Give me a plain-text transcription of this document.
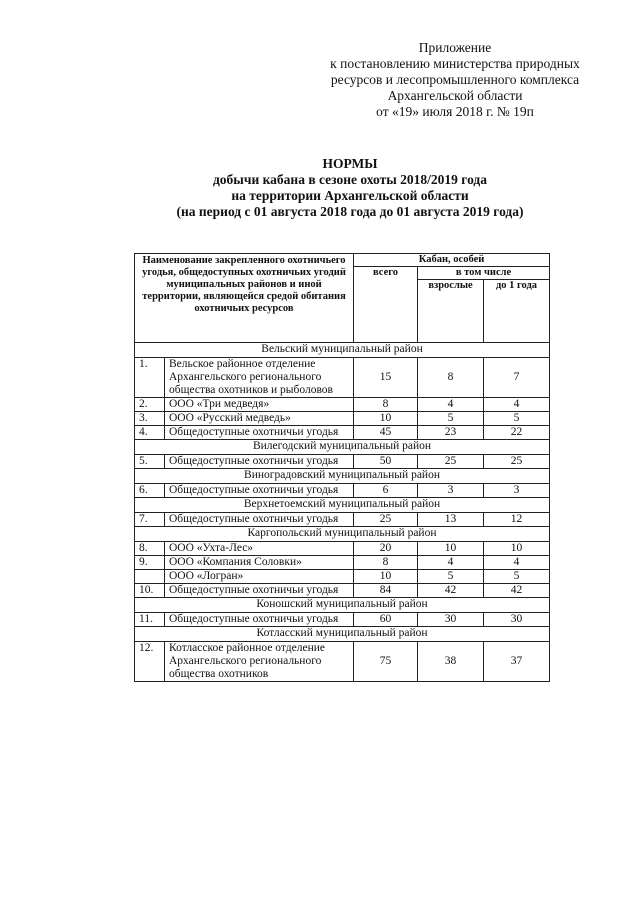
Приложение
к постановлению министерства природных
ресурсов и лесопромышленного комплекса
Архангельской области
от «19» июля 2018 г. № 19п
НОРМЫ
добычи кабана в сезоне охоты 2018/2019 года
на территории Архангельской области
(на период с 01 августа 2018 года до 01 августа 2019 года)
Наименование закрепленного охотничьего угодья, общедоступных охотничьих угодий муниципальных районов и иной территории, являющейся средой обитания охотничьих ресурсов		Кабан, особей		
		всего	в том числе	
			взрослые	до 1 года
Вельский муниципальный район				
1.	Вельское районное отделение Архангельского регионального общества охотников и рыболовов	15	8	7
2.	ООО «Три медведя»	8	4	4
3.	ООО «Русский медведь»	10	5	5
4.	Общедоступные охотничьи угодья	45	23	22
Вилегодский муниципальный район				
5.	Общедоступные охотничьи угодья	50	25	25
Виноградовский муниципальный район				
6.	Общедоступные охотничьи угодья	6	3	3
Верхнетоемский муниципальный район				
7.	Общедоступные охотничьи угодья	25	13	12
Каргопольский муниципальный район				
8.	ООО «Ухта-Лес»	20	10	10
9.	ООО «Компания Соловки»	8	4	4
	ООО «Логран»	10	5	5
10.	Общедоступные охотничьи угодья	84	42	42
Коношский муниципальный район				
11.	Общедоступные охотничьи угодья	60	30	30
Котласский муниципальный район				
12.	Котласское районное отделение Архангельского регионального общества охотников	75	38	37
